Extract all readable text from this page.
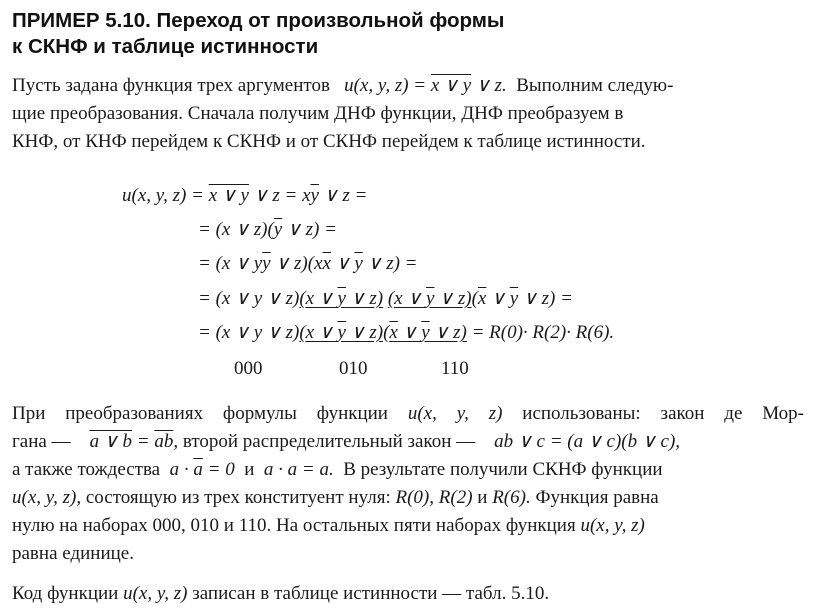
ПРИМЕР 5.10. Переход от произвольной формы
к СКНФ и таблице истинности
Пусть задана функция трех аргументов u(x, y, z) = x ∨ y ∨ z. Выполним следую-
щие преобразования. Сначала получим ДНФ функции, ДНФ преобразуем в
КНФ, от КНФ перейдем к СКНФ и от СКНФ перейдем к таблице истинности.
u(x, y, z) = x ∨ y ∨ $z = x\overline{y}$ ∨ z =
= (x ∨ $z)(\overline{y}$ ∨ z) =
= (x ∨ $y\overline{y}$ ∨ $z)(x\overline{x}$ ∨ $\overline{y}$ ∨ z) =
= (x ∨ y ∨ z)(x ∨ y ∨ z) (x ∨ y ∨ $z)(\overline{x}$ ∨ $\overline{y}$ ∨ z) =
= (x ∨ y ∨ z)(x ∨ y ∨ z)(x ∨ y ∨ z) = R(0)· R(2)· R(6).
000	010	110
При преобразованиях формулы функции u(x, y, z) использованы: закон де Мор-
гана — a ∨ $b = \overline{a}\overline{b}$, второй распределительный закон — ab ∨ c = (a ∨ c)(b ∨ c),
а также тождества $a \cdot \overline{a} = 0$ и a · a = a. В результате получили СКНФ функции
u(x, y, z), состоящую из трех конституент нуля: R(0), R(2) и R(6). Функция равна
нулю на наборах 000, 010 и 110. На остальных пяти наборах функция u(x, y, z)
равна единице.
Код функции u(x, y, z) записан в таблице истинности — табл. 5.10.
